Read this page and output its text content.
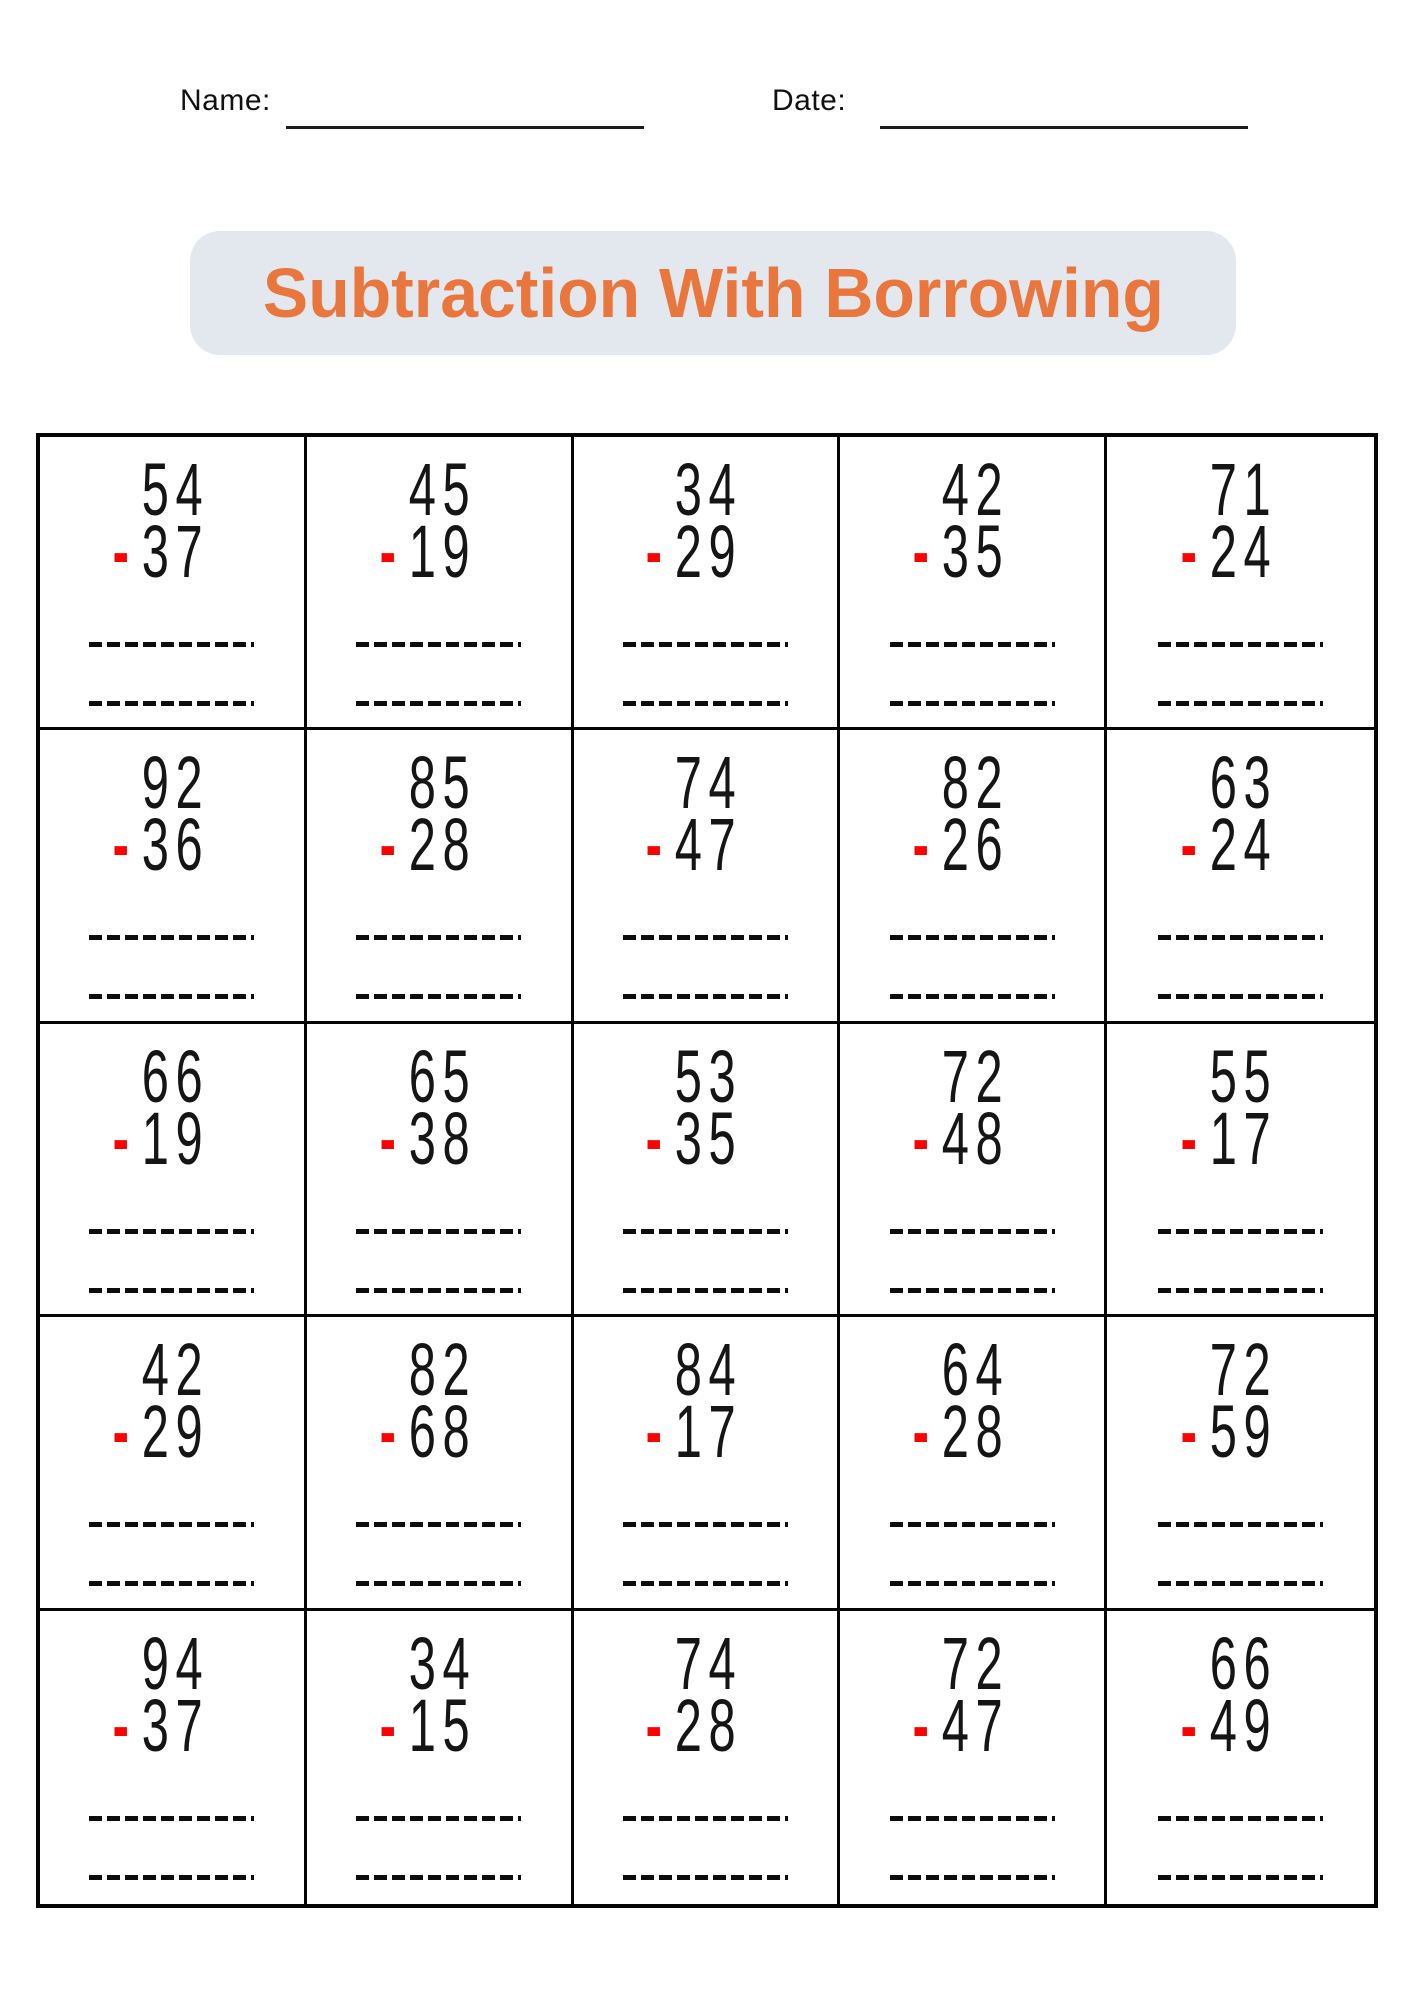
Name:	Date:
Subtraction With Borrowing
54
- 37
45
- 19
34
- 29
42
- 35
71
- 24
92
- 36
85
- 28
74
- 47
82
- 26
63
- 24
66
- 19
65
- 38
53
- 35
72
- 48
55
- 17
42
- 29
82
- 68
84
- 17
64
- 28
72
- 59
94
- 37
34
- 15
74
- 28
72
- 47
66
- 49
